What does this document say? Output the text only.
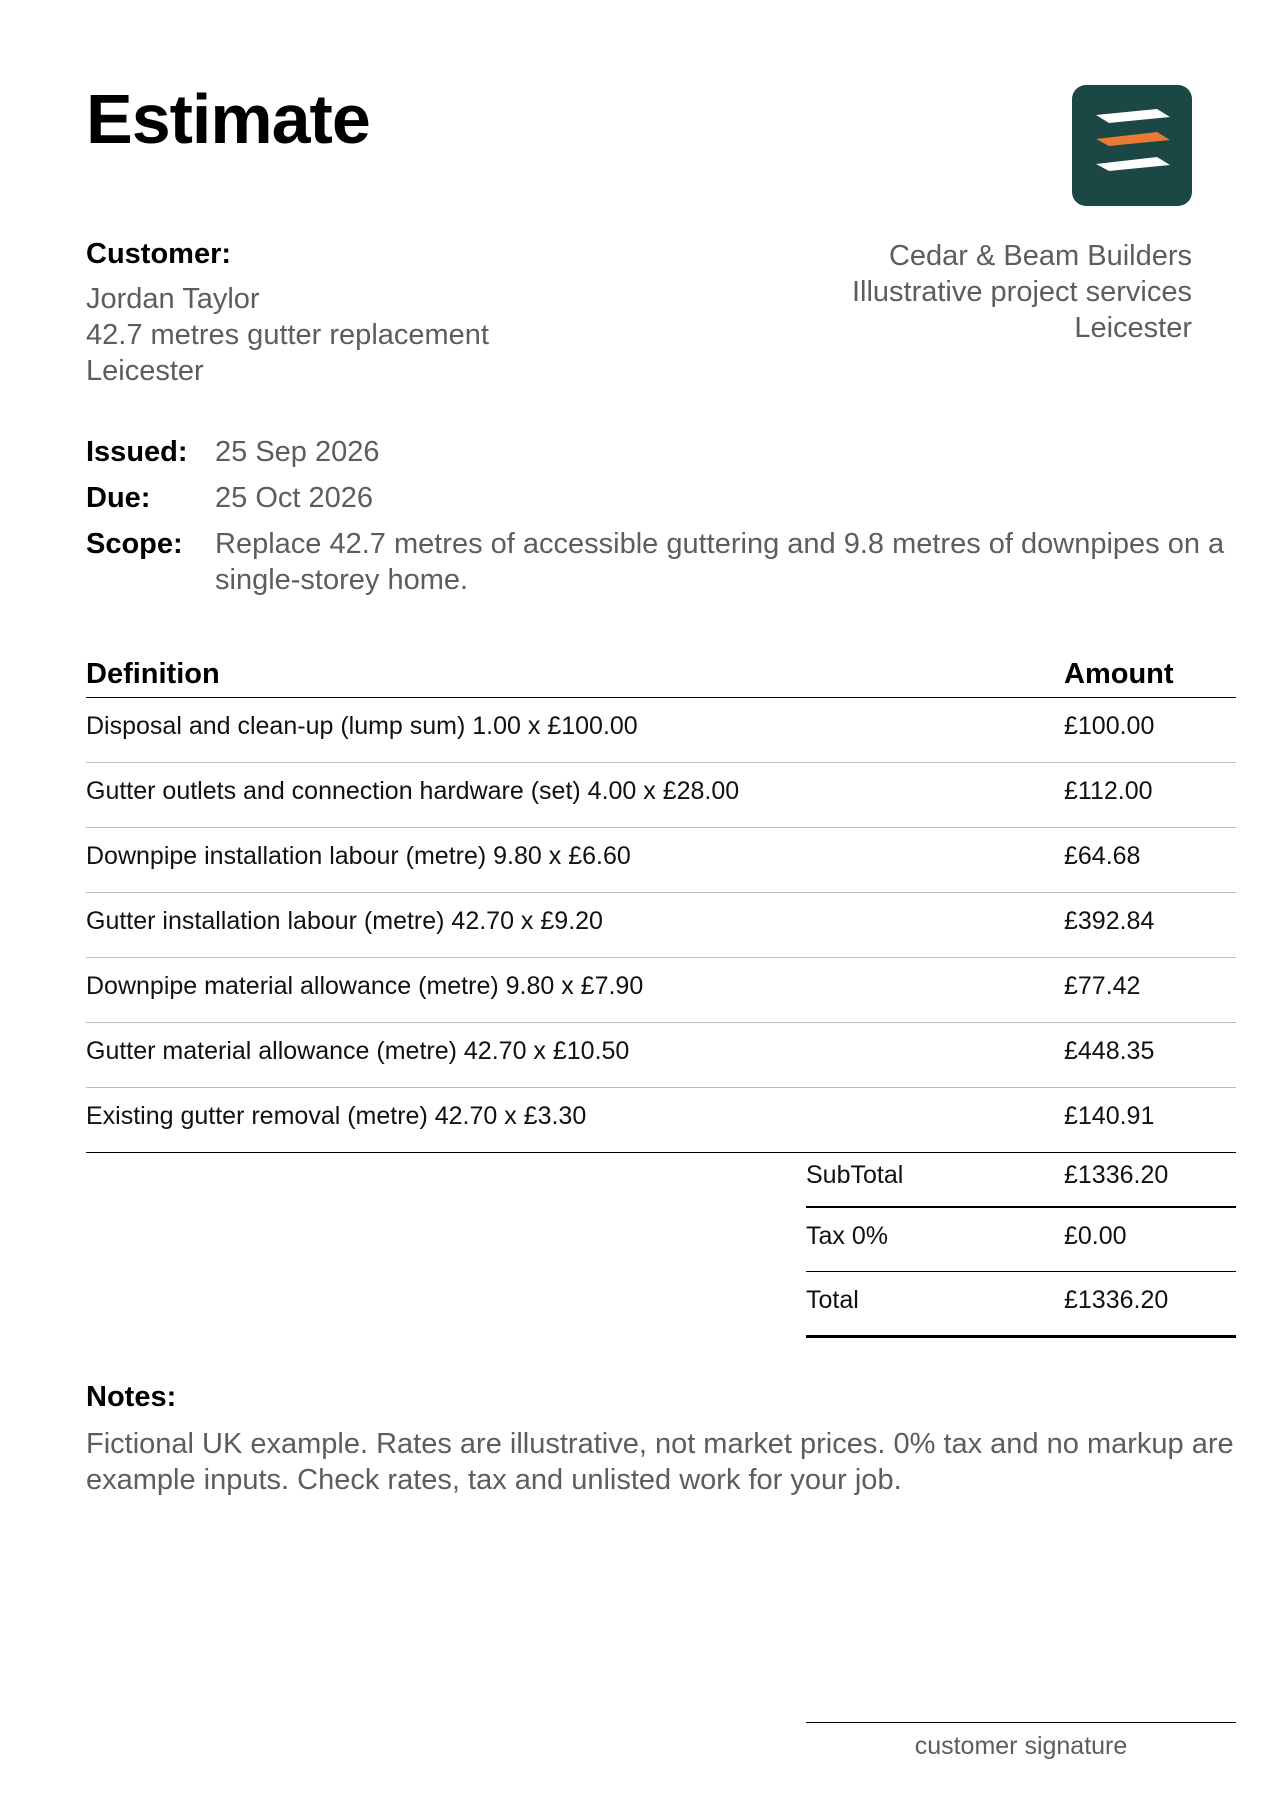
Estimate
Customer:
Jordan Taylor
42.7 metres gutter replacement
Leicester
Cedar & Beam Builders
Illustrative project services
Leicester
Issued: 25 Sep 2026
Due:	25 Oct 2026
Scope:	Replace 42.7 metres of accessible guttering and 9.8 metres of downpipes on a single-storey home.
Definition	Amount
Disposal and clean-up (lump sum) 1.00 x £100.00	£100.00
Gutter outlets and connection hardware (set) 4.00 x £28.00	£112.00
Downpipe installation labour (metre) 9.80 x £6.60	£64.68
Gutter installation labour (metre) 42.70 x £9.20	£392.84
Downpipe material allowance (metre) 9.80 x £7.90	£77.42
Gutter material allowance (metre) 42.70 x £10.50	£448.35
Existing gutter removal (metre) 42.70 x £3.30	£140.91
SubTotal	£1336.20
Tax 0%	£0.00
Total	£1336.20
Notes:
Fictional UK example. Rates are illustrative, not market prices. 0% tax and no markup are example inputs. Check rates, tax and unlisted work for your job.
customer signature
